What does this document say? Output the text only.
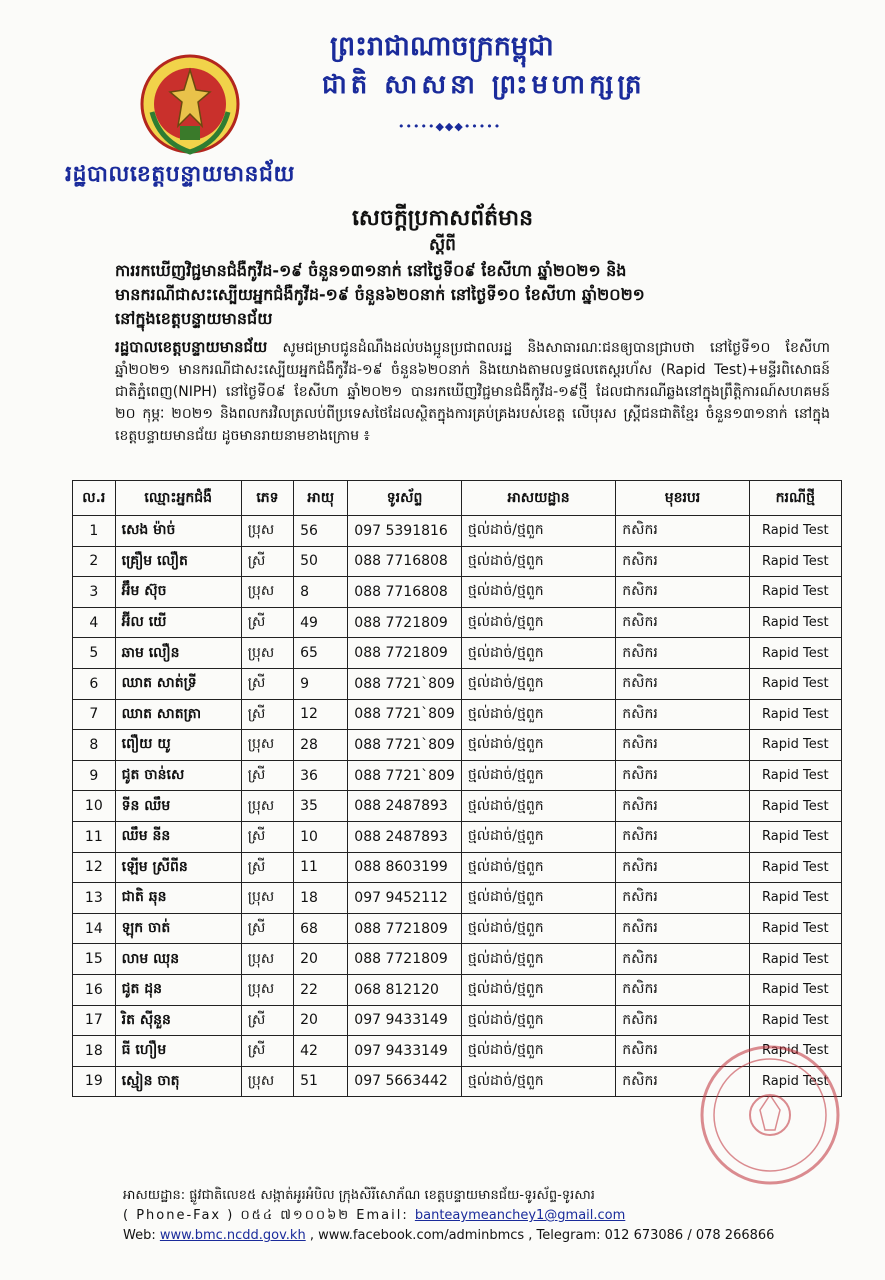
ព្រះរាជាណាចក្រកម្ពុជា
ជាតិ សាសនា ព្រះមហាក្សត្រ
•••••◆◆◆•••••
រដ្ឋបាលខេត្តបន្ទាយមានជ័យ
សេចក្តីប្រកាសព័ត៌មាន
ស្តីពី
ការរកឃើញវិជ្ជមានជំងឺកូវីដ-១៩ ចំនួន១៣១នាក់ នៅថ្ងៃទី០៩ ខែសីហា ឆ្នាំ២០២១ និង
មានករណីជាសះស្បើយអ្នកជំងឺកូវីដ-១៩ ចំនួន៦២០នាក់ នៅថ្ងៃទី១០ ខែសីហា ឆ្នាំ២០២១
នៅក្នុងខេត្តបន្ទាយមានជ័យ
រដ្ឋបាលខេត្តបន្ទាយមានជ័យ សូមជម្រាបជូនដំណឹងដល់បងប្អូនប្រជាពលរដ្ឋ និងសាធារណៈជនឲ្យបានជ្រាបថា នៅថ្ងៃទី១០ ខែសីហា ឆ្នាំ២០២១ មានករណីជាសះស្បើយអ្នកជំងឺកូវីដ-១៩ ចំនួន៦២០នាក់ និងយោងតាមលទ្ធផលតេស្តរហ័ស (Rapid Test)+មន្ទីរពិសោធន៍ជាតិភ្នំពេញ(NIPH) នៅថ្ងៃទី០៩ ខែសីហា ឆ្នាំ២០២១ បានរកឃើញវិជ្ជមានជំងឺកូវីដ-១៩ថ្មី ដែលជាករណីឆ្លងនៅក្នុងព្រឹត្តិការណ៍សហគមន៍ ២០ កុម្ភៈ ២០២១ និងពលករវិលត្រលប់ពីប្រទេសថៃដែលស្ថិតក្នុងការគ្រប់គ្រងរបស់ខេត្ត លើបុរស ស្ត្រីជនជាតិខ្មែរ ចំនួន១៣១នាក់ នៅក្នុងខេត្តបន្ទាយមានជ័យ ដូចមានរាយនាមខាងក្រោម ៖
ល.រ	ឈ្មោះអ្នកជំងឺ	ភេទ	អាយុ	ទូរស័ព្ទ	អាសយដ្ឋាន	មុខរបរ	ករណីថ្មី
1	សេង ម៉ាច់	ប្រុស	56	097 5391816	ថ្មល់ដាច់/ថ្មពួក	កសិករ	Rapid Test
2	គ្រឿម លឿត	ស្រី	50	088 7716808	ថ្មល់ដាច់/ថ្មពួក	កសិករ	Rapid Test
3	អ៊ឹម ស៊ុច	ប្រុស	8	088 7716808	ថ្មល់ដាច់/ថ្មពួក	កសិករ	Rapid Test
4	អ៊ីល យើ	ស្រី	49	088 7721809	ថ្មល់ដាច់/ថ្មពួក	កសិករ	Rapid Test
5	ឆាម លឿន	ប្រុស	65	088 7721809	ថ្មល់ដាច់/ថ្មពួក	កសិករ	Rapid Test
6	ឈាត សាត់ទ្រី	ស្រី	9	088 7721`809	ថ្មល់ដាច់/ថ្មពួក	កសិករ	Rapid Test
7	ឈាត សាតត្រា	ស្រី	12	088 7721`809	ថ្មល់ដាច់/ថ្មពួក	កសិករ	Rapid Test
8	ពឿយ យូ	ប្រុស	28	088 7721`809	ថ្មល់ដាច់/ថ្មពួក	កសិករ	Rapid Test
9	ជូត ចាន់សេ	ស្រី	36	088 7721`809	ថ្មល់ដាច់/ថ្មពួក	កសិករ	Rapid Test
10	ទីន ឈឹម	ប្រុស	35	088 2487893	ថ្មល់ដាច់/ថ្មពួក	កសិករ	Rapid Test
11	ឈឹម នីន	ស្រី	10	088 2487893	ថ្មល់ដាច់/ថ្មពួក	កសិករ	Rapid Test
12	ឡើម ស្រីពីន	ស្រី	11	088 8603199	ថ្មល់ដាច់/ថ្មពួក	កសិករ	Rapid Test
13	ជាតិ ឆុន	ប្រុស	18	097 9452112	ថ្មល់ដាច់/ថ្មពួក	កសិករ	Rapid Test
14	ឡុក ចាត់	ស្រី	68	088 7721809	ថ្មល់ដាច់/ថ្មពួក	កសិករ	Rapid Test
15	លាម ឈុន	ប្រុស	20	088 7721809	ថ្មល់ដាច់/ថ្មពួក	កសិករ	Rapid Test
16	ជូត ដុន	ប្រុស	22	068 812120	ថ្មល់ដាច់/ថ្មពួក	កសិករ	Rapid Test
17	រិត ស៊ីនួន	ស្រី	20	097 9433149	ថ្មល់ដាច់/ថ្មពួក	កសិករ	Rapid Test
18	ធី ហឿម	ស្រី	42	097 9433149	ថ្មល់ដាច់/ថ្មពួក	កសិករ	Rapid Test
19	ស្មៀន ចាតុ	ប្រុស	51	097 5663442	ថ្មល់ដាច់/ថ្មពួក	កសិករ	Rapid Test
អាសយដ្ឋាន: ផ្លូវជាតិលេខ៥ សង្កាត់អូរអំបិល ក្រុងសិរីសោភ័ណ ខេត្តបន្ទាយមានជ័យ-ទូរស័ព្ទ-ទូរសារ
( Phone-Fax ) ០៥៤ ៧១០០៦២ Email: banteaymeanchey1@gmail.com
Web: www.bmc.ncdd.gov.kh , www.facebook.com/adminbmcs , Telegram: 012 673086 / 078 266866
